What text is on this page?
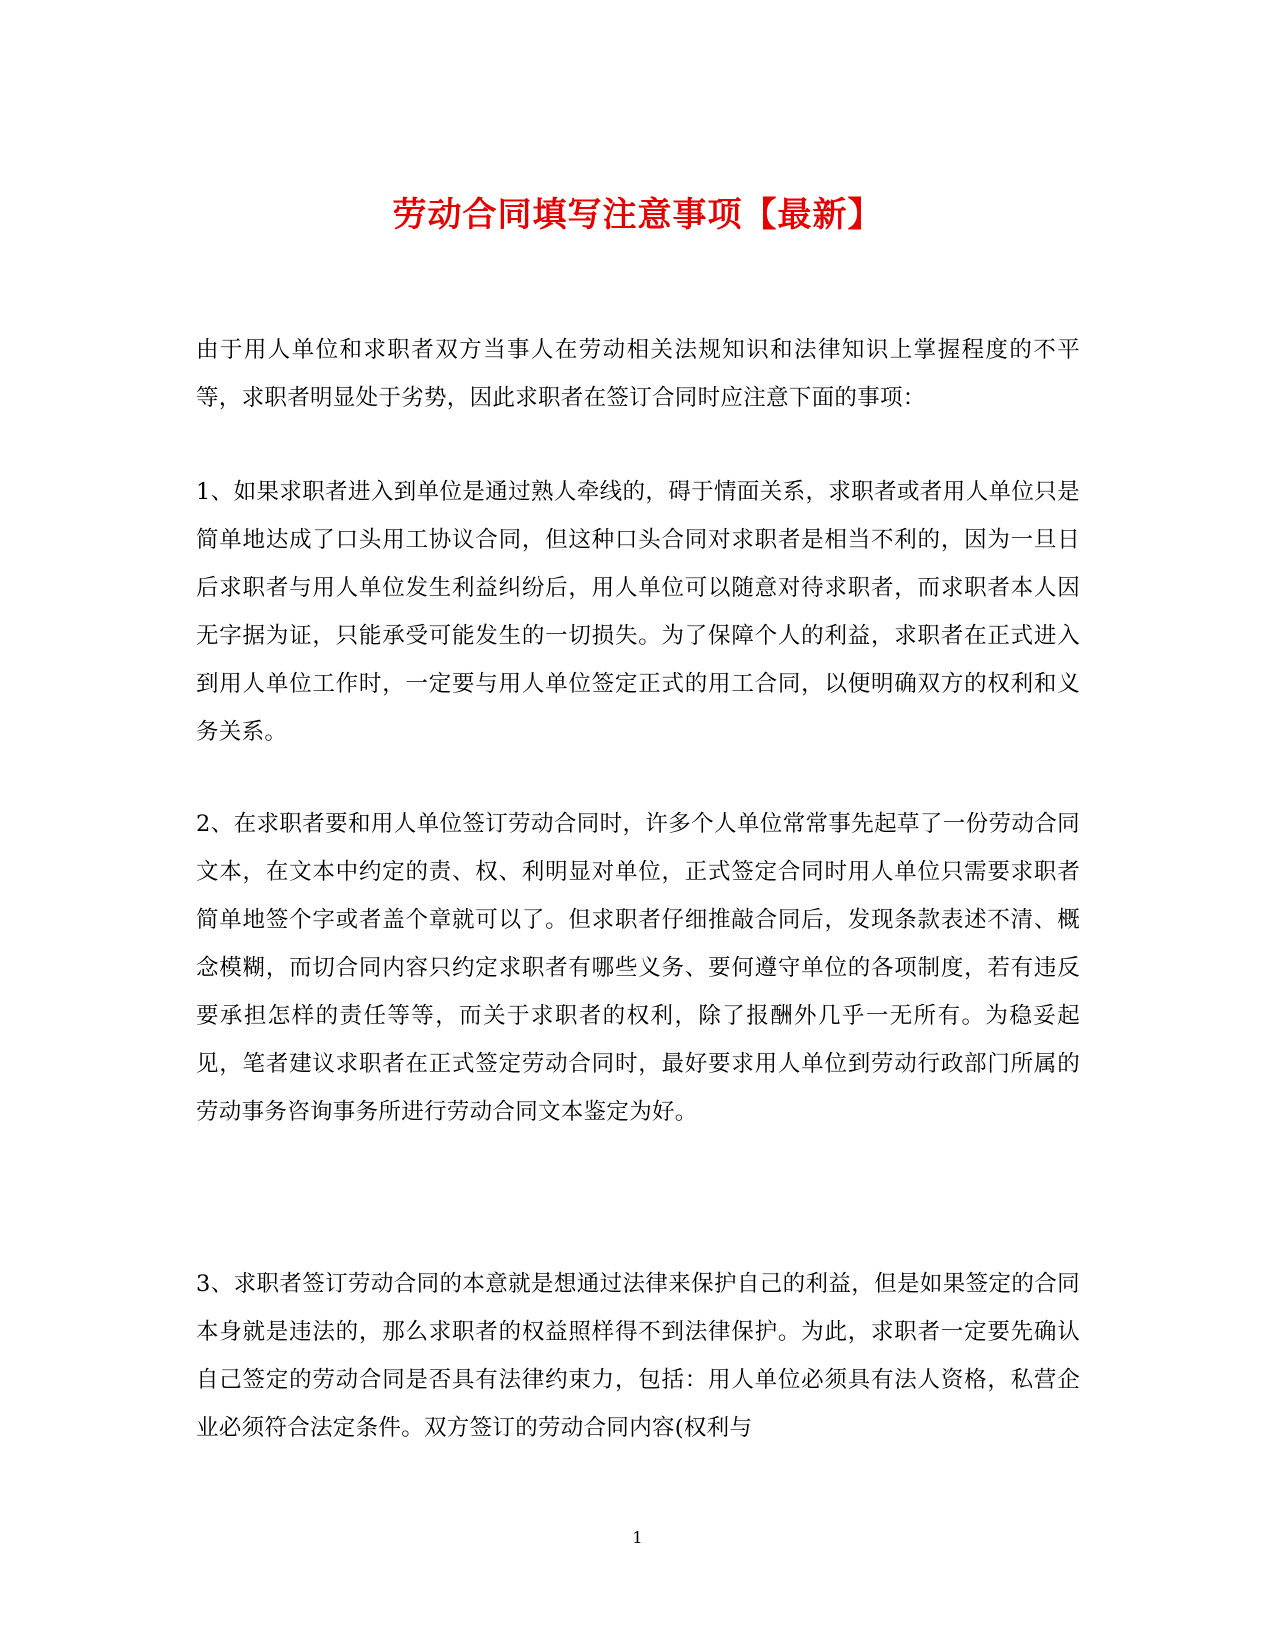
劳动合同填写注意事项【最新】

由于用人单位和求职者双方当事人在劳动相关法规知识和法律知识上掌握程度的不平等，求职者明显处于劣势，因此求职者在签订合同时应注意下面的事项：

1、如果求职者进入到单位是通过熟人牵线的，碍于情面关系，求职者或者用人单位只是简单地达成了口头用工协议合同，但这种口头合同对求职者是相当不利的，因为一旦日后求职者与用人单位发生利益纠纷后，用人单位可以随意对待求职者，而求职者本人因无字据为证，只能承受可能发生的一切损失。为了保障个人的利益，求职者在正式进入到用人单位工作时，一定要与用人单位签定正式的用工合同，以便明确双方的权利和义务关系。

2、在求职者要和用人单位签订劳动合同时，许多个人单位常常事先起草了一份劳动合同文本，在文本中约定的责、权、利明显对单位，正式签定合同时用人单位只需要求职者简单地签个字或者盖个章就可以了。但求职者仔细推敲合同后，发现条款表述不清、概念模糊，而切合同内容只约定求职者有哪些义务、要何遵守单位的各项制度，若有违反要承担怎样的责任等等，而关于求职者的权利，除了报酬外几乎一无所有。为稳妥起见，笔者建议求职者在正式签定劳动合同时，最好要求用人单位到劳动行政部门所属的劳动事务咨询事务所进行劳动合同文本鉴定为好。

3、求职者签订劳动合同的本意就是想通过法律来保护自己的利益，但是如果签定的合同本身就是违法的，那么求职者的权益照样得不到法律保护。为此，求职者一定要先确认自己签定的劳动合同是否具有法律约束力，包括：用人单位必须具有法人资格，私营企业必须符合法定条件。双方签订的劳动合同内容(权利与

1
